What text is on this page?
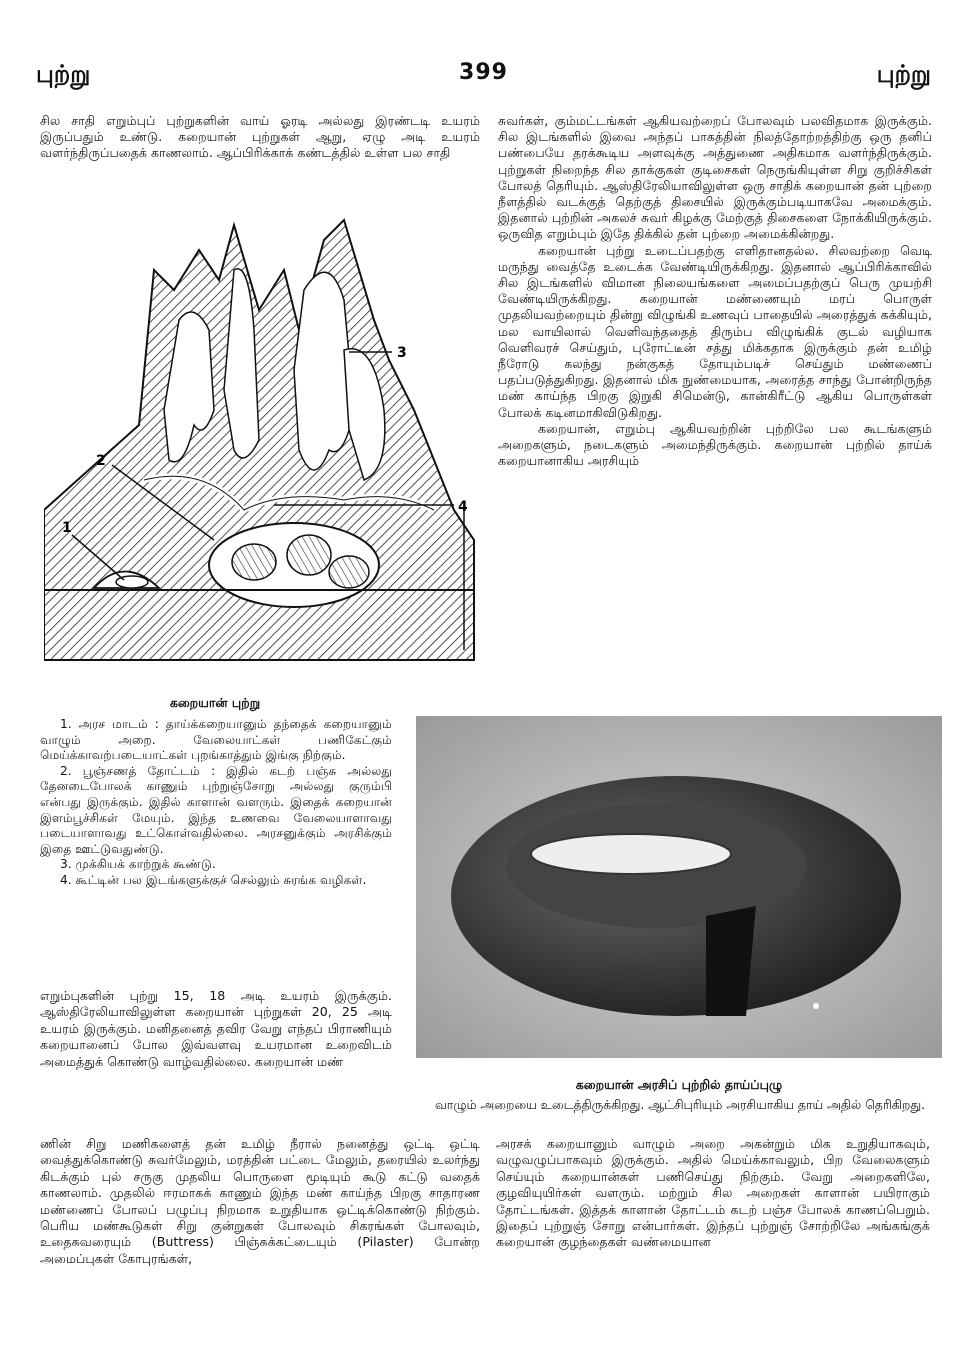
புற்று	399	புற்று

சில சாதி எறும்புப் புற்றுகளின் வாய் ஓரடி அல்லது இரண்டடி உயரம் இருப்பதும் உண்டு. கறையான் புற்றுகள் ஆறு, ஏழு அடி உயரம் வளர்ந்திருப்பதைக் காணலாம். ஆப்பிரிக்காக் கண்டத்தில் உள்ள பல சாதி

சுவர்கள், கும்மட்டங்கள் ஆகியவற்றைப் போலவும் பலவிதமாக இருக்கும். சில இடங்களில் இவை அந்தப் பாகத்தின் நிலத்தோற்றத்திற்கு ஒரு தனிப் பண்பையே தரக்கூடிய அளவுக்கு அத்துணை அதிகமாக வளர்ந்திருக்கும். புற்றுகள் நிறைந்த சில தாக்குகள் குடிசைகள் நெருங்கியுள்ள சிறு குறிச்சிகள் போலத் தெரியும். ஆஸ்திரேலியாவிலுள்ள ஒரு சாதிக் கறையான் தன் புற்றை நீளத்தில் வடக்குத் தெற்குத் திசையில் இருக்கும்படியாகவே அமைக்கும். இதனால் புற்றின் அகலச் சுவர் கிழக்கு மேற்குத் திசைகளை நோக்கியிருக்கும். ஒருவித எறும்பும் இதே திக்கில் தன் புற்றை அமைக்கின்றது.

கறையான் புற்று உடைப்பதற்கு எளிதானதல்ல. சிலவற்றை வெடி மருந்து வைத்தே உடைக்க வேண்டியிருக்கிறது. இதனால் ஆப்பிரிக்காவில் சில இடங்களில் விமான நிலையங்களை அமைப்பதற்குப் பெரு முயற்சி வேண்டியிருக்கிறது. கறையான் மண்ணையும் மரப் பொருள் முதலியவற்றையும் தின்று விழுங்கி உணவுப் பாதையில் அரைத்துக் கக்கியும், மல வாயிலால் வெளிவந்ததைத் திரும்ப விழுங்கிக் குடல் வழியாக வெளிவரச் செய்தும், புரோட்டீன் சத்து மிக்கதாக இருக்கும் தன் உமிழ் நீரோடு கலந்து நன்குகத் தோயும்படிச் செய்தும் மண்ணைப் பதப்படுத்துகிறது. இதனால் மிக நுண்மையாக, அரைத்த சாந்து போன்றிருந்த மண் காய்ந்த பிறகு இறுகி சிமென்டு, கான்கிரீட்டு ஆகிய பொருள்கள் போலக் கடினமாகிவிடுகிறது.

கறையான், எறும்பு ஆகியவற்றின் புற்றிலே பல கூடங்களும் அறைகளும், நடைகளும் அமைந்திருக்கும். கறையான் புற்றில் தாய்க் கறையானாகிய அரசியும்

3
2
4
1
கறையான் புற்று

1. அரச மாடம் : தாய்க்கறையானும் தந்தைக் கறையானும் வாழும் அறை. வேலையாட்கள் பணிகேட்கும் மெய்க்காவற்படையாட்கள் புறங்காத்தும் இங்கு நிற்கும்.

2. பூஞ்சணத் தோட்டம் : இதில் கடற் பஞ்சு அல்லது தேனடைபோலக் காணும் புற்றுஞ்சோறு அல்லது குரும்பி என்பது இருக்கும். இதில் காளான் வளரும். இதைக் கறையான் இளம்பூச்சிகள் மேயும். இந்த உணவை வேலையாளாவது படையாளாவது உட்கொள்வதில்லை. அரசனுக்கும் அரசிக்கும் இதை ஊட்டுவதுண்டு.

3. முக்கியக் காற்றுக் கூண்டு.

4. கூட்டின் பல இடங்களுக்குச் செல்லும் சுரங்க வழிகள்.

எறும்புகளின் புற்று 15, 18 அடி உயரம் இருக்கும். ஆஸ்திரேலியாவிலுள்ள கறையான் புற்றுகள் 20, 25 அடி உயரம் இருக்கும். மனிதனைத் தவிர வேறு எந்தப் பிராணியும் கறையானைப் போல இவ்வளவு உயரமான உறைவிடம் அமைத்துக் கொண்டு வாழ்வதில்லை. கறையான் மண்
கறையான் அரசிப் புற்றில் தாய்ப்புழு
வாழும் அறையை உடைத்திருக்கிறது. ஆட்சிபுரியும் அரசியாகிய தாய் அதில் தெரிகிறது.
ணின் சிறு மணிகளைத் தன் உமிழ் நீரால் நனைத்து ஒட்டி ஒட்டி வைத்துக்கொண்டு சுவர்மேலும், மரத்தின் பட்டை மேலும், தரையில் உலர்ந்து கிடக்கும் புல் சருகு முதலிய பொருளை மூடியும் கூடு கட்டு வதைக் காணலாம். முதலில் ஈரமாகக் காணும் இந்த மண் காய்ந்த பிறகு சாதாரண மண்ணைப் போலப் பழுப்பு நிறமாக உறுதியாக ஒட்டிக்கொண்டு நிற்கும். பெரிய மண்கூடுகள் சிறு குன்றுகள் போலவும் சிகரங்கள் போலவும், உதைசுவரையும் (Buttress) பிஞ்சுக்கட்டையும் (Pilaster) போன்ற அமைப்புகள் கோபுரங்கள்,
அரசக் கறையானும் வாழும் அறை அகன்றும் மிக உறுதியாகவும், வழுவழுப்பாகவும் இருக்கும். அதில் மெய்க்காவலும், பிற வேலைகளும் செய்யும் கறையான்கள் பணிசெய்து நிற்கும். வேறு அறைகளிலே, குழவியுயிர்கள் வளரும். மற்றும் சில அறைகள் காளான் பயிராகும் தோட்டங்கள். இத்தக் காளான் தோட்டம் கடற் பஞ்ச போலக் காணப்பெறும். இதைப் புற்றுஞ் சோறு என்பார்கள். இந்தப் புற்றுஞ் சோற்றிலே அங்கங்குக் கறையான் குழந்தைகள் வண்மையான
